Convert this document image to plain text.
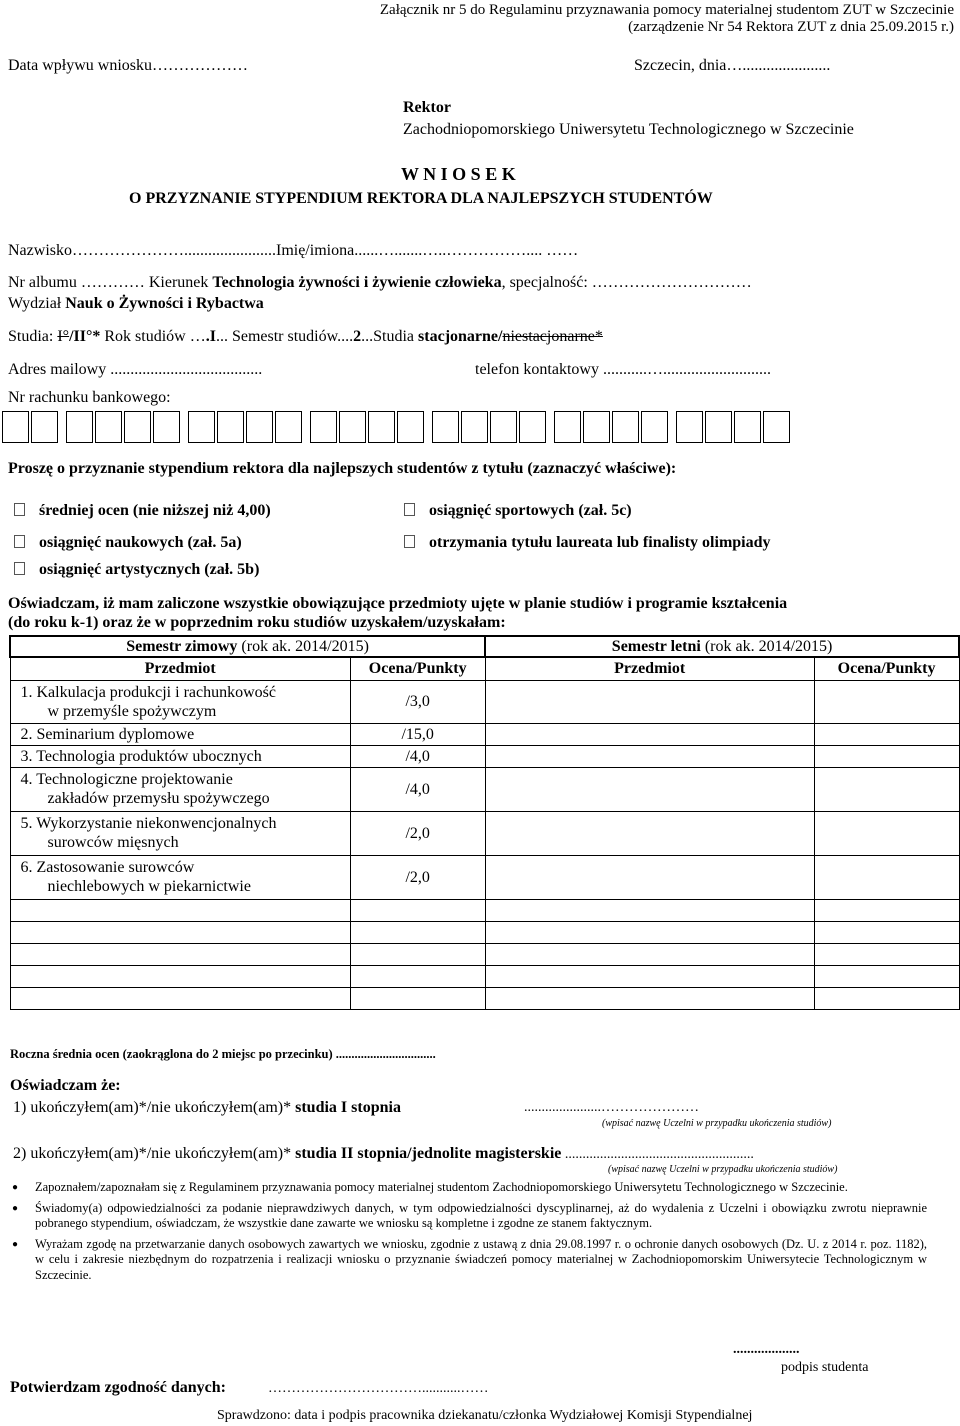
Załącznik nr 5 do Regulaminu przyznawania pomocy materialnej studentom ZUT w Szczecinie
(zarządzenie Nr 54 Rektora ZUT z dnia 25.09.2015 r.)
Data wpływu wniosku………………	Szczecin, dnia…......................
Rektor
Zachodniopomorskiego Uniwersytetu Technologicznego w Szczecinie
W N I O S E K
O PRZYZNANIE STYPENDIUM REKTORA DLA NAJLEPSZYCH STUDENTÓW
Nazwisko………………….......................Imię/imiona......….......…..…………….... ……
Nr albumu ………… Kierunek Technologia żywności i żywienie człowieka, specjalność: …………………………
Wydział Nauk o Żywności i Rybactwa
Studia: I°/II°* Rok studiów ….I... Semestr studiów....2...Studia stacjonarne/niestacjonarne*
Adres mailowy ......................................	telefon kontaktowy ...........…...........................
Nr rachunku bankowego:
Proszę o przyznanie stypendium rektora dla najlepszych studentów z tytułu (zaznaczyć właściwe):
średniej ocen (nie niższej niż 4,00)	osiągnięć sportowych (zał. 5c)
osiągnięć naukowych (zał. 5a)	otrzymania tytułu laureata lub finalisty olimpiady
osiągnięć artystycznych (zał. 5b)
Oświadczam, iż mam zaliczone wszystkie obowiązujące przedmioty ujęte w planie studiów i programie kształcenia
(do roku k-1) oraz że w poprzednim roku studiów uzyskałem/uzyskałam:
Semestr zimowy (rok ak. 2014/2015)		Semestr letni (rok ak. 2014/2015)	
Przedmiot	Ocena/Punkty	Przedmiot	Ocena/Punkty

1. Kalkulacja produkcji i rachunkowość
w przemyśle spożywczym	/3,0		
2. Seminarium dyplomowe	/15,0		
3. Technologia produktów ubocznych	/4,0		

4. Technologiczne projektowanie
zakładów przemysłu spożywczego	/4,0		

5. Wykorzystanie niekonwencjonalnych
surowców mięsnych	/2,0		

6. Zastosowanie surowców
niechlebowych w piekarnictwie	/2,0		

Roczna średnia ocen (zaokrąglona do 2 miejsc po przecinku) ................................
Oświadczam że:
1) ukończyłem(am)*/nie ukończyłem(am)* studia I stopnia	......................…………………
(wpisać nazwę Uczelni w przypadku ukończenia studiów)
2) ukończyłem(am)*/nie ukończyłem(am)* studia II stopnia/jednolite magisterskie ......................................................
(wpisać nazwę Uczelni w przypadku ukończenia studiów)
● Zapoznałem/zapoznałam się z Regulaminem przyznawania pomocy materialnej studentom Zachodniopomorskiego Uniwersytetu Technologicznego w Szczecinie.
● Świadomy(a) odpowiedzialności za podanie nieprawdziwych danych, w tym odpowiedzialności dyscyplinarnej, aż do wydalenia z Uczelni i obowiązku zwrotu nieprawnie pobranego stypendium, oświadczam, że wszystkie dane zawarte we wniosku są kompletne i zgodne ze stanem faktycznym.
● Wyrażam zgodę na przetwarzanie danych osobowych zawartych we wniosku, zgodnie z ustawą z dnia 29.08.1997 r. o ochronie danych osobowych (Dz. U. z 2014 r. poz. 1182), w celu i zakresie niezbędnym do rozpatrzenia i realizacji wniosku o przyznanie świadczeń pomocy materialnej w Zachodniopomorskim Uniwersytecie Technologicznym w Szczecinie.
...................
podpis studenta
Potwierdzam zgodność danych:	……………………………...........……
Sprawdzono: data i podpis pracownika dziekanatu/członka Wydziałowej Komisji Stypendialnej
